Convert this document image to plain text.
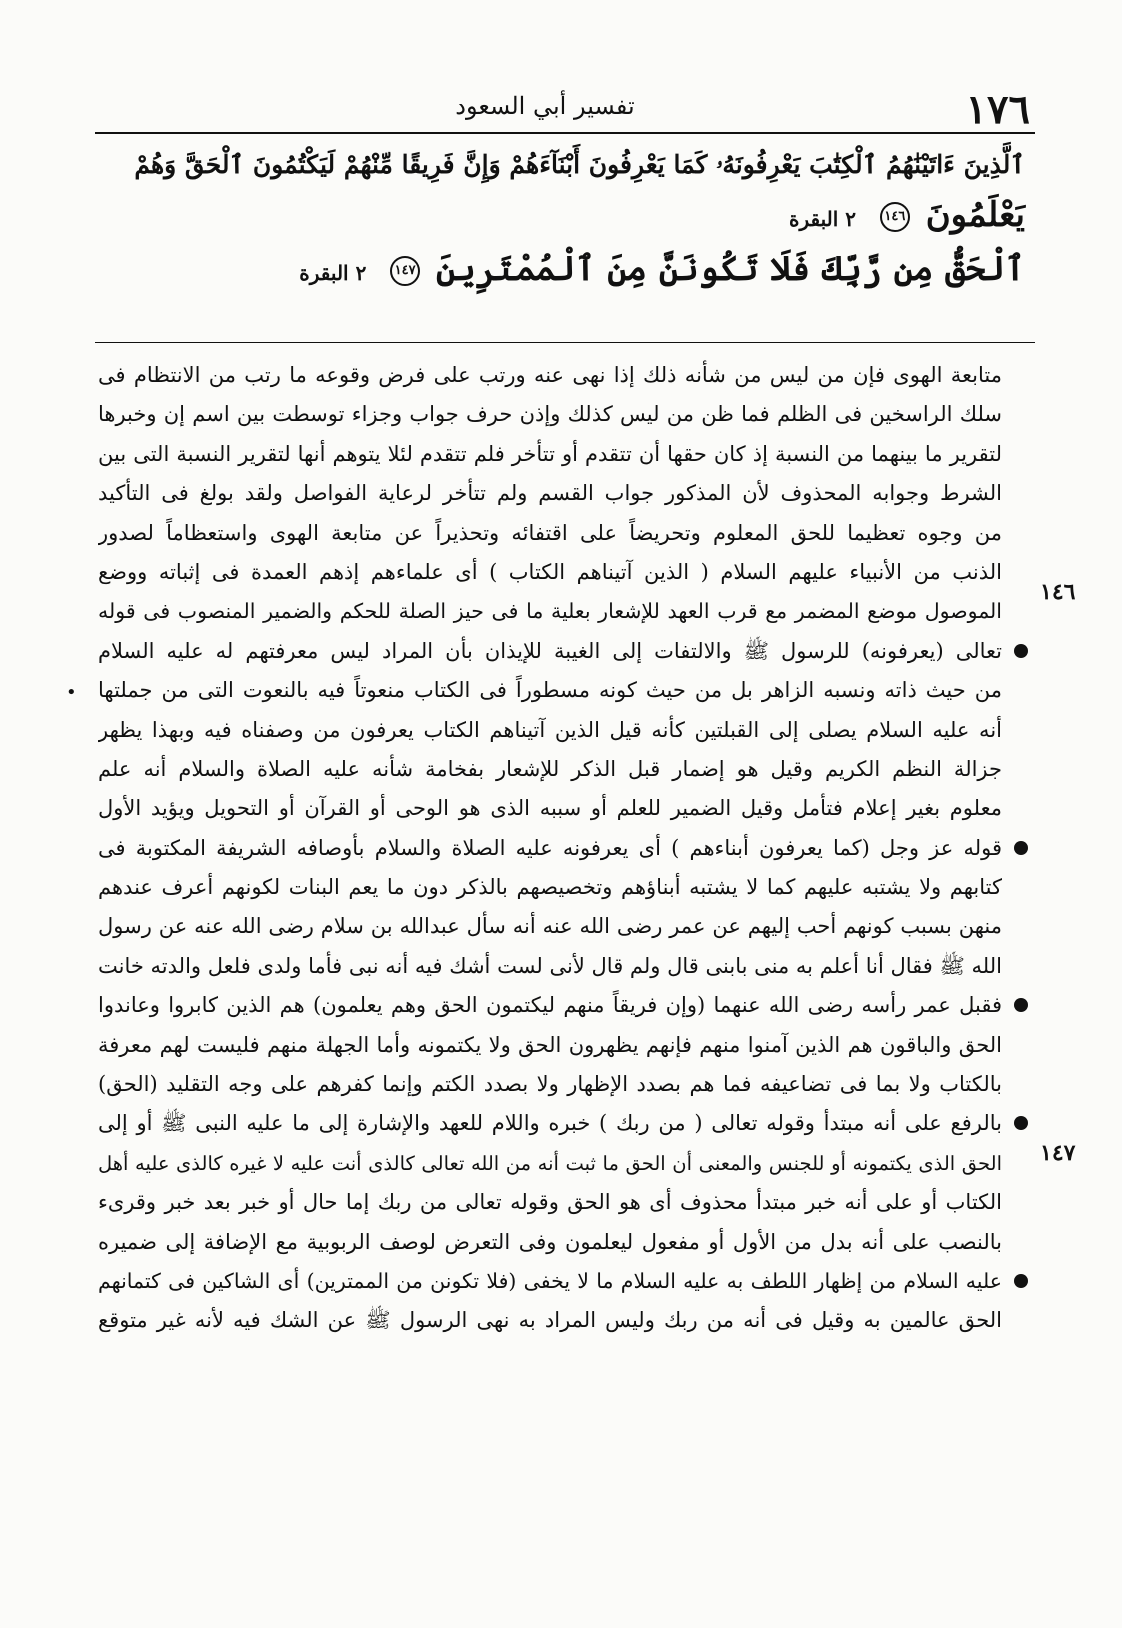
١٧٦
تفسير أبي السعود
ٱلَّذِينَ ءَاتَيْنَٰهُمُ ٱلْكِتَٰبَ يَعْرِفُونَهُۥ كَمَا يَعْرِفُونَ أَبْنَآءَهُمْ وَإِنَّ فَرِيقًا مِّنْهُمْ لَيَكْتُمُونَ ٱلْحَقَّ وَهُمْ
يَعْلَمُونَ ١٤٦ ٢ البقرة
ٱلْحَقُّ مِن رَّبِّكَ فَلَا تَكُونَنَّ مِنَ ٱلْمُمْتَرِينَ ١٤٧ ٢ البقرة
متابعة الهوى فإن من ليس من شأنه ذلك إذا نهى عنه ورتب على فرض وقوعه ما رتب من الانتظام فى
سلك الراسخين فى الظلم فما ظن من ليس كذلك وإذن حرف جواب وجزاء توسطت بين اسم إن وخبرها
لتقرير ما بينهما من النسبة إذ كان حقها أن تتقدم أو تتأخر فلم تتقدم لئلا يتوهم أنها لتقرير النسبة التى بين
الشرط وجوابه المحذوف لأن المذكور جواب القسم ولم تتأخر لرعاية الفواصل ولقد بولغ فى التأكيد
من وجوه تعظيما للحق المعلوم وتحريضاً على اقتفائه وتحذيراً عن متابعة الهوى واستعظاماً لصدور
الذنب من الأنبياء عليهم السلام ( الذين آتيناهم الكتاب ) أى علماءهم إذهم العمدة فى إثباته ووضع
الموصول موضع المضمر مع قرب العهد للإشعار بعلية ما فى حيز الصلة للحكم والضمير المنصوب فى قوله
تعالى (يعرفونه) للرسول ﷺ والالتفات إلى الغيبة للإيذان بأن المراد ليس معرفتهم له عليه السلام
من حيث ذاته ونسبه الزاهر بل من حيث كونه مسطوراً فى الكتاب منعوتاً فيه بالنعوت التى من جملتها
أنه عليه السلام يصلى إلى القبلتين كأنه قيل الذين آتيناهم الكتاب يعرفون من وصفناه فيه وبهذا يظهر
جزالة النظم الكريم وقيل هو إضمار قبل الذكر للإشعار بفخامة شأنه عليه الصلاة والسلام أنه علم
معلوم بغير إعلام فتأمل وقيل الضمير للعلم أو سببه الذى هو الوحى أو القرآن أو التحويل ويؤيد الأول
قوله عز وجل (كما يعرفون أبناءهم ) أى يعرفونه عليه الصلاة والسلام بأوصافه الشريفة المكتوبة فى
كتابهم ولا يشتبه عليهم كما لا يشتبه أبناؤهم وتخصيصهم بالذكر دون ما يعم البنات لكونهم أعرف عندهم
منهن بسبب كونهم أحب إليهم عن عمر رضى الله عنه أنه سأل عبدالله بن سلام رضى الله عنه عن رسول
الله ﷺ فقال أنا أعلم به منى بابنى قال ولم قال لأنى لست أشك فيه أنه نبى فأما ولدى فلعل والدته خانت
فقبل عمر رأسه رضى الله عنهما (وإن فريقاً منهم ليكتمون الحق وهم يعلمون) هم الذين كابروا وعاندوا
الحق والباقون هم الذين آمنوا منهم فإنهم يظهرون الحق ولا يكتمونه وأما الجهلة منهم فليست لهم معرفة
بالكتاب ولا بما فى تضاعيفه فما هم بصدد الإظهار ولا بصدد الكتم وإنما كفرهم على وجه التقليد (الحق)
بالرفع على أنه مبتدأ وقوله تعالى ( من ربك ) خبره واللام للعهد والإشارة إلى ما عليه النبى ﷺ أو إلى
الحق الذى يكتمونه أو للجنس والمعنى أن الحق ما ثبت أنه من الله تعالى كالذى أنت عليه لا غيره كالذى عليه أهل
الكتاب أو على أنه خبر مبتدأ محذوف أى هو الحق وقوله تعالى من ربك إما حال أو خبر بعد خبر وقرىء
بالنصب على أنه بدل من الأول أو مفعول ليعلمون وفى التعرض لوصف الربوبية مع الإضافة إلى ضميره
عليه السلام من إظهار اللطف به عليه السلام ما لا يخفى (فلا تكونن من الممترين) أى الشاكين فى كتمانهم
الحق عالمين به وقيل فى أنه من ربك وليس المراد به نهى الرسول ﷺ عن الشك فيه لأنه غير متوقع
١٤٦
١٤٧
•
